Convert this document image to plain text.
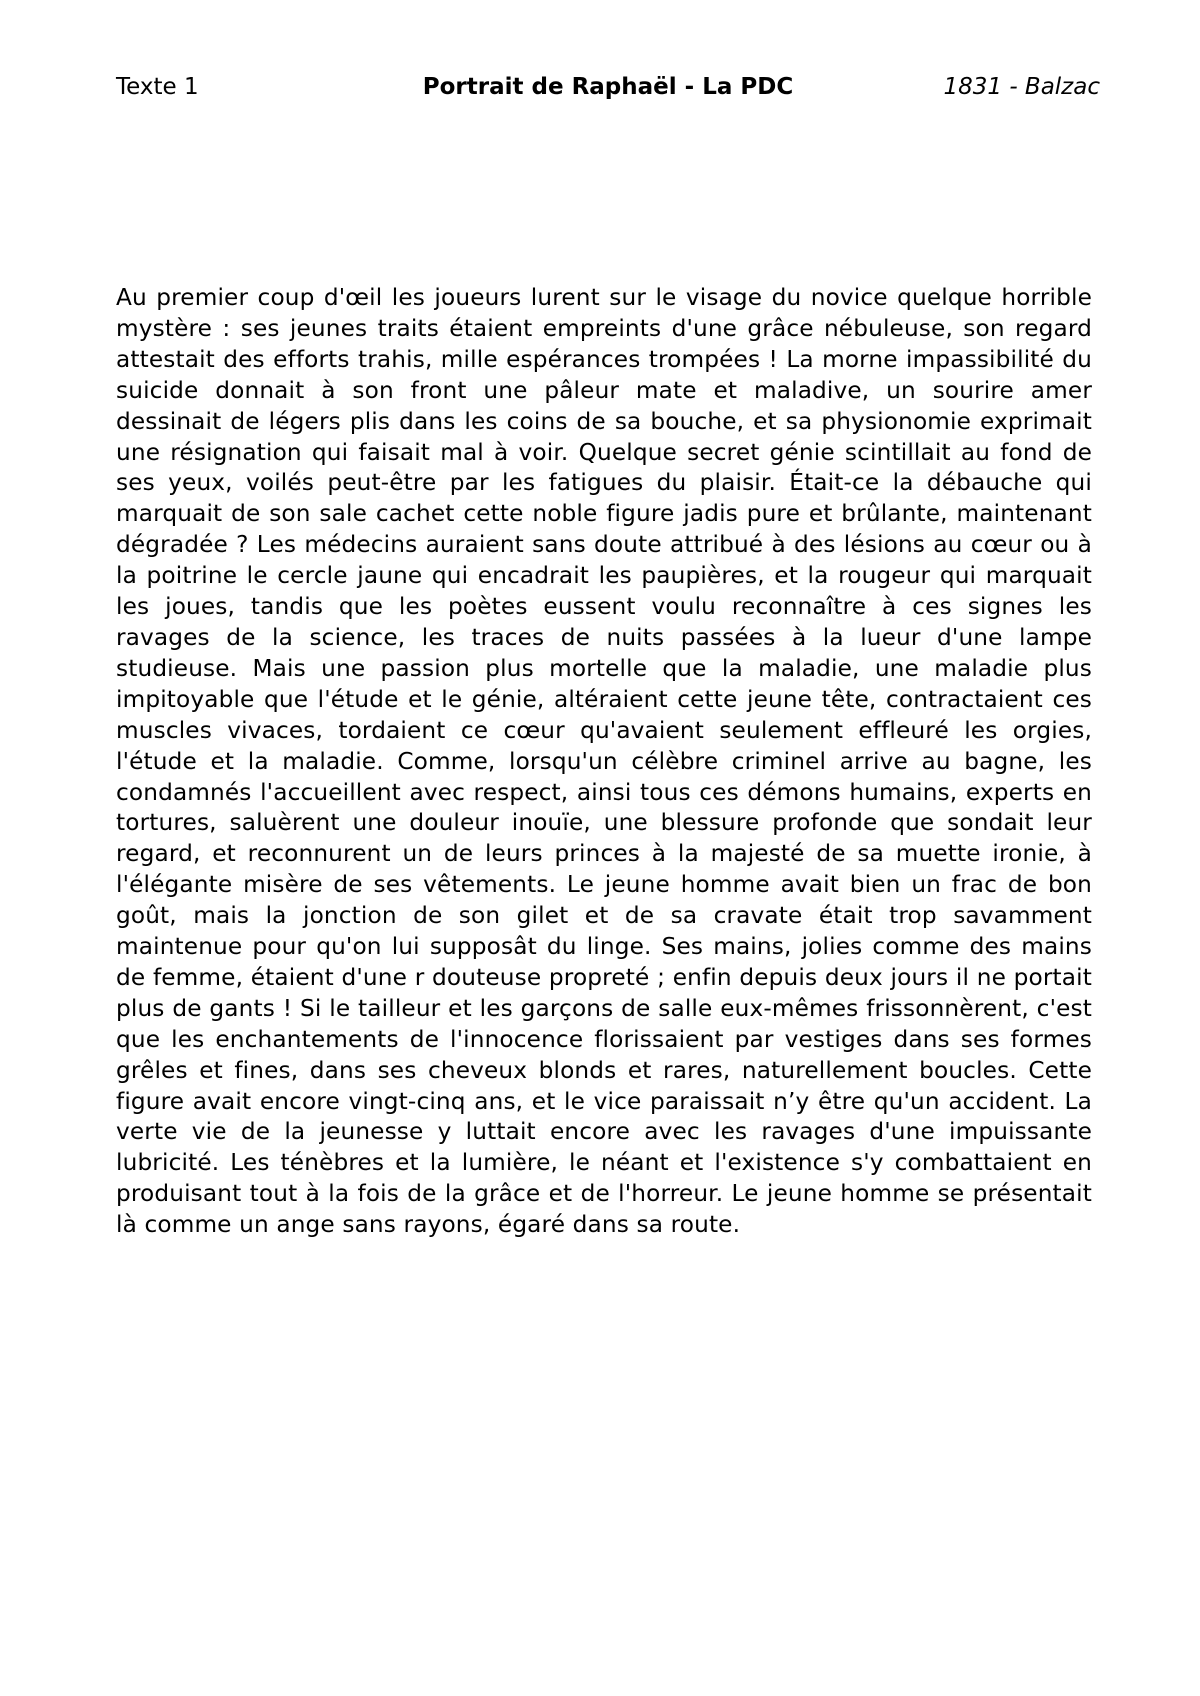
Texte 1	Portrait de Raphaël - La PDC	1831 - Balzac

Au premier coup d'œil les joueurs lurent sur le visage du novice quelque horrible mystère : ses jeunes traits étaient empreints d'une grâce nébuleuse, son regard attestait des efforts trahis, mille espérances trompées ! La morne impassibilité du suicide donnait à son front une pâleur mate et maladive, un sourire amer dessinait de légers plis dans les coins de sa bouche, et sa physionomie exprimait une résignation qui faisait mal à voir. Quelque secret génie scintillait au fond de ses yeux, voilés peut-être par les fatigues du plaisir. Était-ce la débauche qui marquait de son sale cachet cette noble figure jadis pure et brûlante, maintenant dégradée ? Les médecins auraient sans doute attribué à des lésions au cœur ou à la poitrine le cercle jaune qui encadrait les paupières, et la rougeur qui marquait les joues, tandis que les poètes eussent voulu reconnaître à ces signes les ravages de la science, les traces de nuits passées à la lueur d'une lampe studieuse. Mais une passion plus mortelle que la maladie, une maladie plus impitoyable que l'étude et le génie, altéraient cette jeune tête, contractaient ces muscles vivaces, tordaient ce cœur qu'avaient seulement effleuré les orgies, l'étude et la maladie. Comme, lorsqu'un célèbre criminel arrive au bagne, les condamnés l'accueillent avec respect, ainsi tous ces démons humains, experts en tortures, saluèrent une douleur inouïe, une blessure profonde que sondait leur regard, et reconnurent un de leurs princes à la majesté de sa muette ironie, à l'élégante misère de ses vêtements. Le jeune homme avait bien un frac de bon goût, mais la jonction de son gilet et de sa cravate était trop savamment maintenue pour qu'on lui supposât du linge. Ses mains, jolies comme des mains de femme, étaient d'une r douteuse propreté ; enfin depuis deux jours il ne portait plus de gants ! Si le tailleur et les garçons de salle eux-mêmes frissonnèrent, c'est que les enchantements de l'innocence florissaient par vestiges dans ses formes grêles et fines, dans ses cheveux blonds et rares, naturellement boucles. Cette figure avait encore vingt-cinq ans, et le vice paraissait n’y être qu'un accident. La verte vie de la jeunesse y luttait encore avec les ravages d'une impuissante lubricité. Les ténèbres et la lumière, le néant et l'existence s'y combattaient en produisant tout à la fois de la grâce et de l'horreur. Le jeune homme se présentait là comme un ange sans rayons, égaré dans sa route.
